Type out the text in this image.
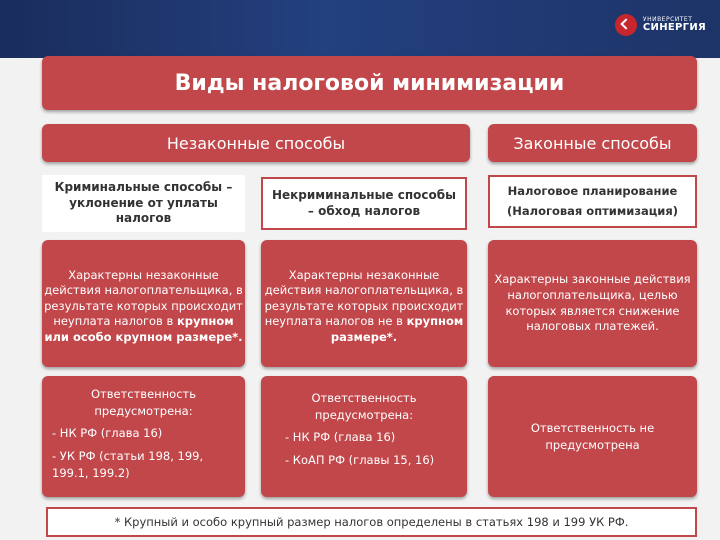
УНИВЕРСИТЕТ
СИНЕРГИЯ
Виды налоговой минимизации
Незаконные способы	Законные способы
Криминальные способы – уклонение от уплаты налогов
Некриминальные способы – обход налогов
Налоговое планирование
(Налоговая оптимизация)
Характерны незаконные действия налогоплательщика, в результате которых происходит неуплата налогов в крупном или особо крупном размере*.
Характерны незаконные действия налогоплательщика, в результате которых происходит неуплата налогов не в крупном размере*.
Характерны законные действия налогоплательщика, целью которых является снижение налоговых платежей.
Ответственность предусмотрена:
- НК РФ (глава 16)
- УК РФ (статьи 198, 199, 199.1, 199.2)
Ответственность предусмотрена:
- НК РФ (глава 16)
- КоАП РФ (главы 15, 16)
Ответственность не предусмотрена
* Крупный и особо крупный размер налогов определены в статьях 198 и 199 УК РФ.
